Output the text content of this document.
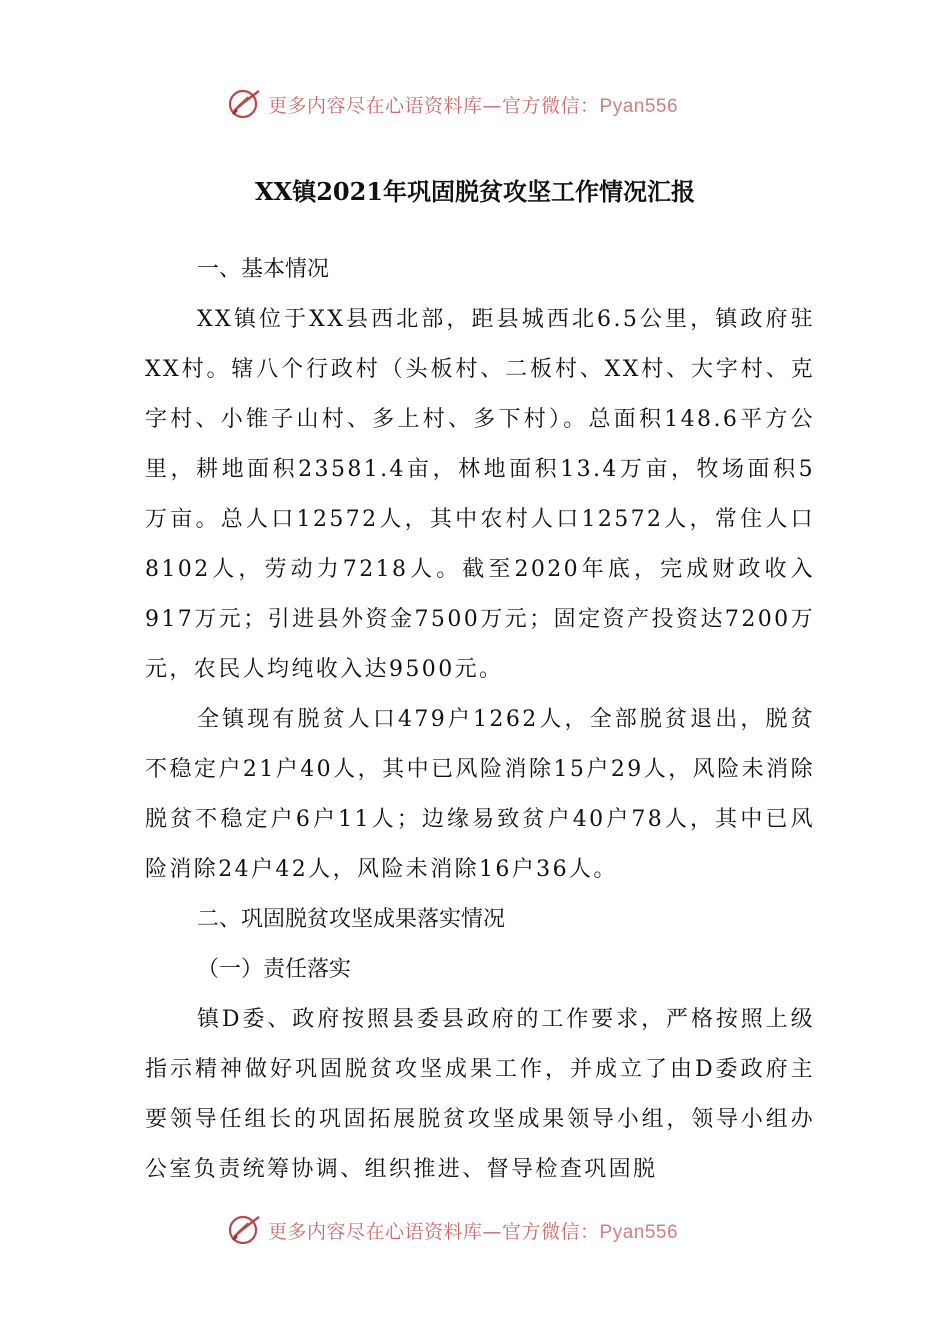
更多内容尽在心语资料库—官方微信：Pyan556
XX镇2021年巩固脱贫攻坚工作情况汇报

一、基本情况

XX镇位于XX县西北部，距县城西北6.5公里，镇政府驻XX村。辖八个行政村（头板村、二板村、XX村、大字村、克字村、小锥子山村、多上村、多下村）。总面积148.6平方公里，耕地面积23581.4亩，林地面积13.4万亩，牧场面积5万亩。总人口12572人，其中农村人口12572人，常住人口8102人，劳动力7218人。截至2020年底，完成财政收入917万元；引进县外资金7500万元；固定资产投资达7200万元，农民人均纯收入达9500元。

全镇现有脱贫人口479户1262人，全部脱贫退出，脱贫不稳定户21户40人，其中已风险消除15户29人，风险未消除脱贫不稳定户6户11人；边缘易致贫户40户78人，其中已风险消除24户42人，风险未消除16户36人。

二、巩固脱贫攻坚成果落实情况

（一）责任落实

镇D委、政府按照县委县政府的工作要求，严格按照上级指示精神做好巩固脱贫攻坚成果工作，并成立了由D委政府主要领导任组长的巩固拓展脱贫攻坚成果领导小组，领导小组办公室负责统筹协调、组织推进、督导检查巩固脱

更多内容尽在心语资料库—官方微信：Pyan556
